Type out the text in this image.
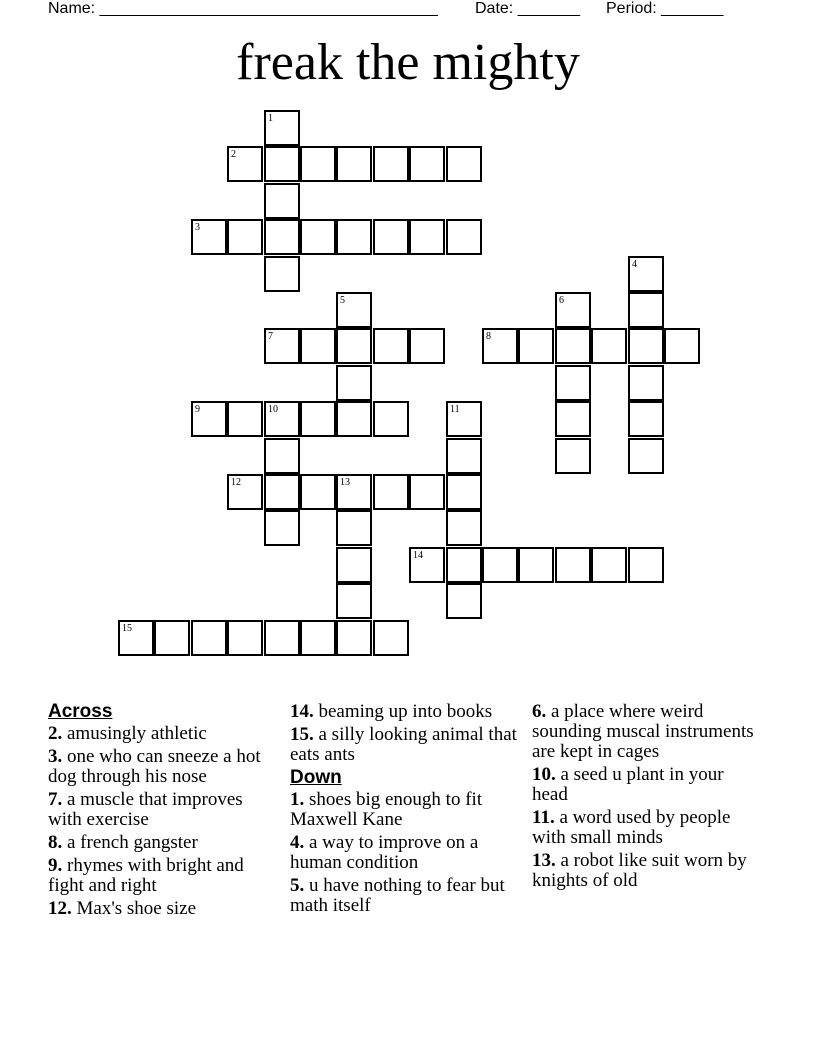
Name: ______________________________________ Date: _______ Period: _______
freak the mighty
1
2
3
4
5	6
7	8
9	10	11
12	13
14
15
Across
2. amusingly athletic
3. one who can sneeze a hot dog through his nose
7. a muscle that improves with exercise
8. a french gangster
9. rhymes with bright and fight and right
12. Max's shoe size
14. beaming up into books
15. a silly looking animal that eats ants
Down
1. shoes big enough to fit Maxwell Kane
4. a way to improve on a human condition
5. u have nothing to fear but math itself
6. a place where weird sounding muscal instruments are kept in cages
10. a seed u plant in your head
11. a word used by people with small minds
13. a robot like suit worn by knights of old
